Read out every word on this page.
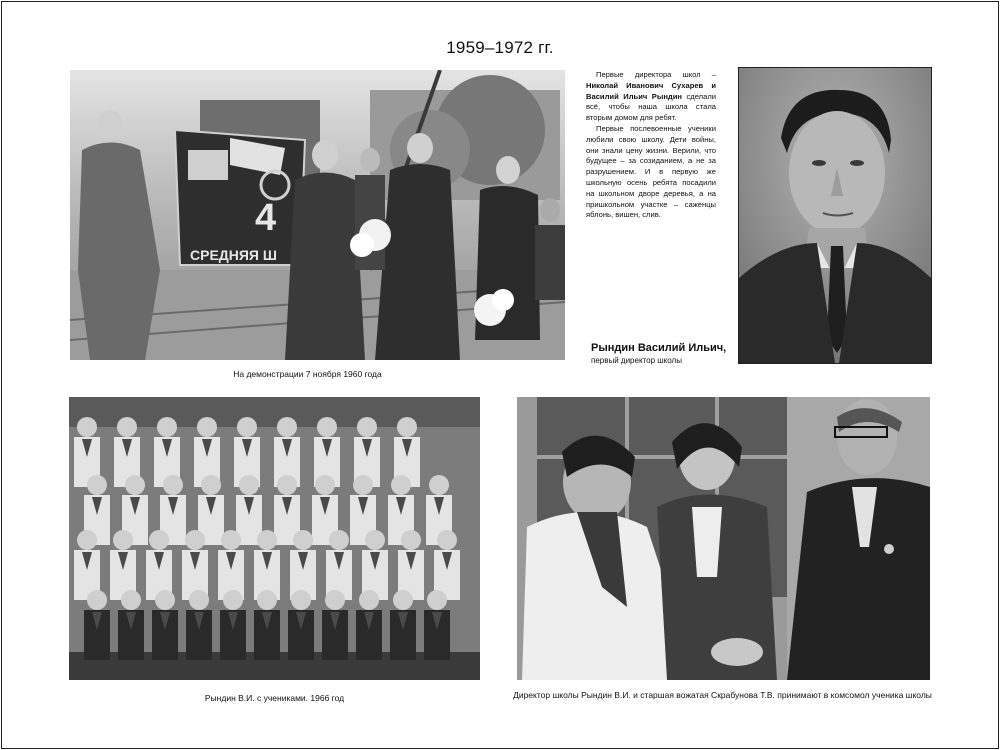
1959–1972 гг.
4
СРЕДНЯЯ Ш
На демонстрации 7 ноября 1960 года

Первые директора школ – Николай Иванович Сухарев и Василий Ильич Рындин сделали всё, чтобы наша школа стала вторым домом для ребят.

Первые послевоенные ученики любили свою школу. Дети войны, они знали цену жизни. Верили, что будущее – за созиданием, а не за разрушением. И в первую же школьную осень ребята посадили на школьном дворе деревья, а на пришкольном участке – саженцы яблонь, вишен, слив.

Рындин Василий Ильич,
первый директор школы
Рындин В.И. с учениками. 1966 год	Директор школы Рындин В.И. и старшая вожатая Скрабунова Т.В. принимают в комсомол ученика школы
